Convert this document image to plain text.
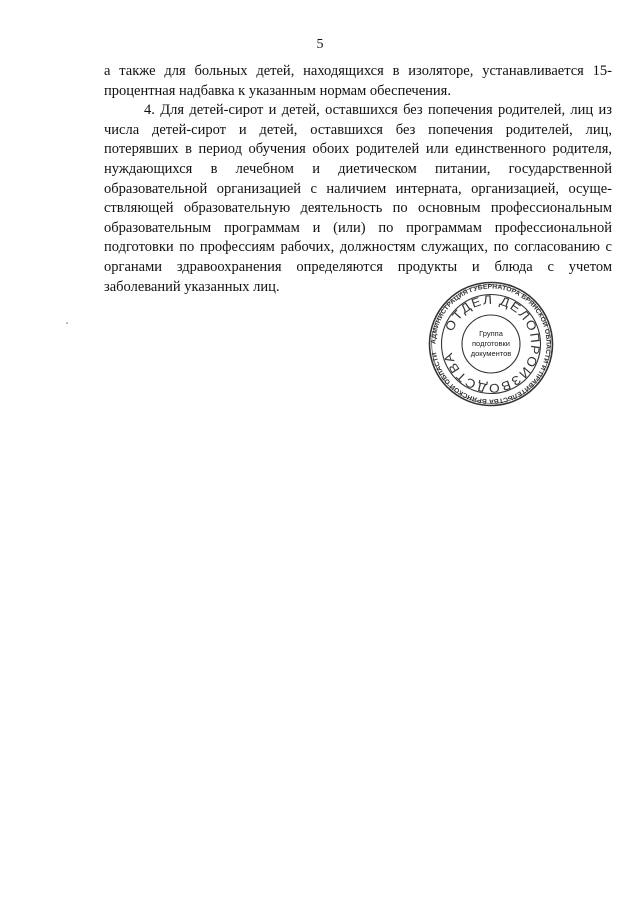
5

а также для больных детей, находящихся в изоляторе, устанавливается 15-процентная надбавка к указанным нормам обеспечения.

4. Для детей-сирот и детей, оставшихся без попечения родителей, лиц из числа детей-сирот и детей, оставшихся без попечения родителей, лиц, потерявших в период обучения обоих родителей или единственного родителя, нуждающихся в лечебном и диетическом питании, государственной образовательной организацией с наличием интерната, организацией, осуществляющей образовательную деятельность по основным профессиональным образовательным программам и (или) по программам профессиональной подготовки по профессиям рабочих, должностям служащих, по согласованию с органами здравоохранения определяются продукты и блюда с учетом заболеваний указанных лиц.

АДМИНИСТРАЦИЯ ГУБЕРНАТОРА БРЯНСКОЙ ОБЛАСТИ И ПРАВИТЕЛЬСТВА БРЯНСКОЙ ОБЛАСТИ
ОТДЕЛ ДЕЛОПРОИЗВОДСТВА
Группа
подготовки
документов
